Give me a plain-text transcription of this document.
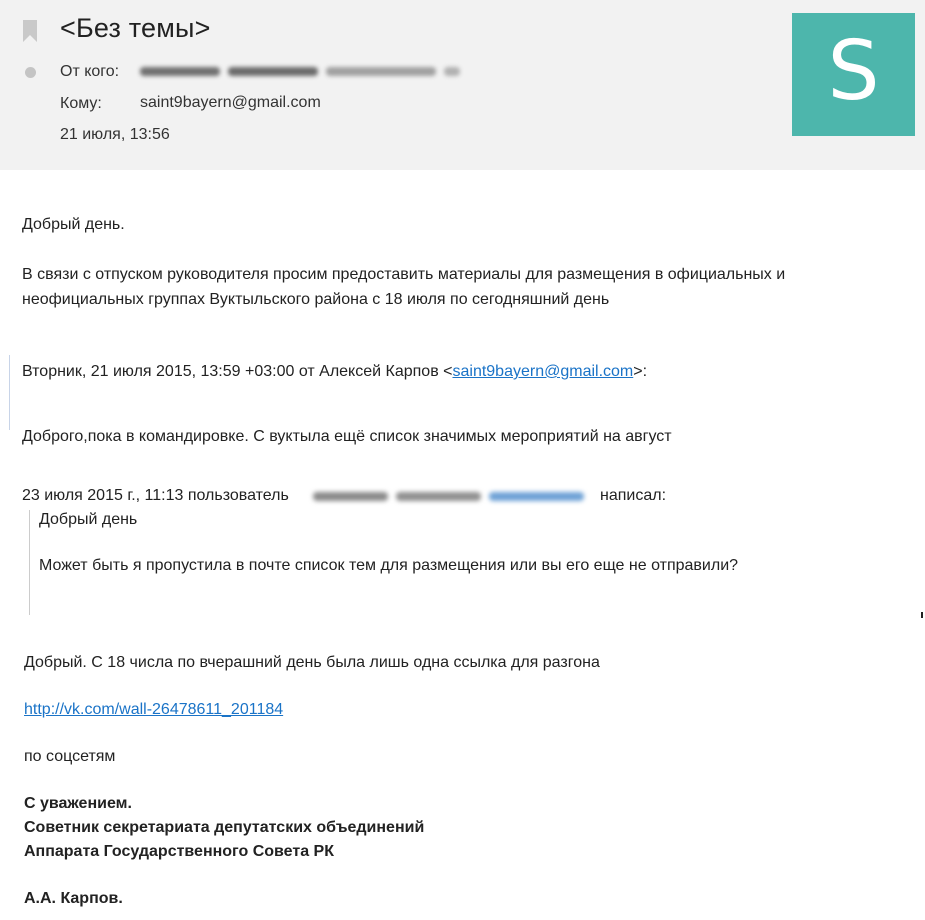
<Без темы>
От кого:
Кому: saint9bayern@gmail.com
21 июля, 13:56
S
Добрый день.
В связи с отпуском руководителя просим предоставить материалы для размещения в официальных и
неофициальных группах Вуктыльского района с 18 июля по сегодняшний день
Вторник, 21 июля 2015, 13:59 +03:00 от Алексей Карпов <saint9bayern@gmail.com>:
Доброго,пока в командировке. С вуктыла ещё список значимых мероприятий на август
23 июля 2015 г., 11:13 пользователь	написал:
Добрый день
Может быть я пропустила в почте список тем для размещения или вы его еще не отправили?
Добрый. С 18 числа по вчерашний день была лишь одна ссылка для разгона
http://vk.com/wall-26478611_201184
по соцсетям
С уважением.
Советник секретариата депутатских объединений
Аппарата Государственного Совета РК
А.А. Карпов.
